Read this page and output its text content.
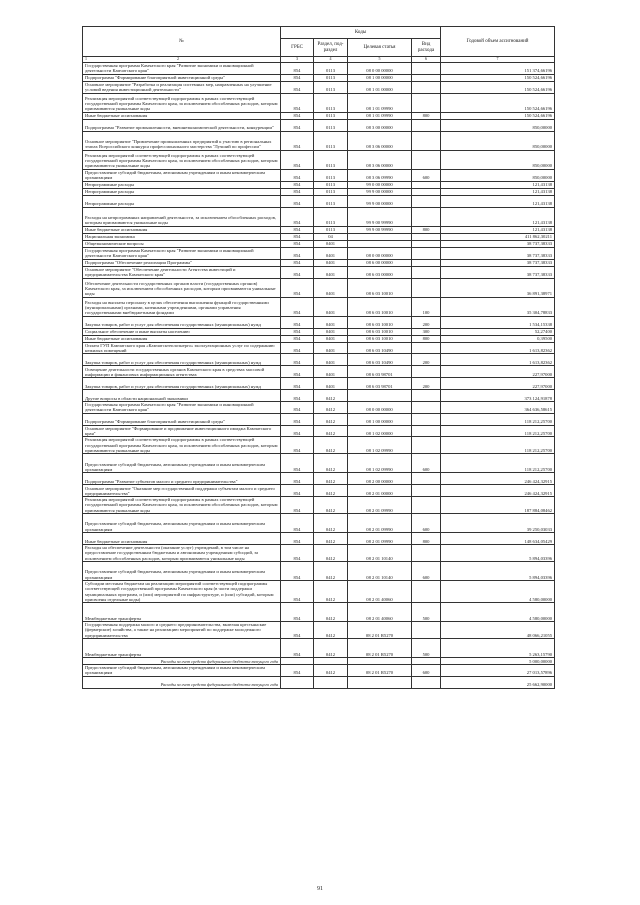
№	Коды				Годовой объем ассигнований
	ГРБС	Раздел, под-раздел	Целевая статья	Вид расхода	
1 2	3	4	5	6	7
Государственная программа Камчатского края "Развитие экономики и инновационной деятельности Камчатского края"	854	0113	08 0 00 00000		151 374,66196
Подпрограмма "Формирование благоприятной инвестиционной среды"	854	0113	08 1 00 00000		150 524,66196
Основное мероприятие "Разработка и реализация системных мер, направленных на улучшение условий ведения инвестиционной деятельности"	854	0113	08 1 01 00000		150 524,66196
Реализация мероприятий соответствующей подпрограммы в рамках соответствующей государственной программы Камчатского края, за исключением обособленных расходов, которым присваиваются уникальные коды	854	0113	08 1 01 09990		150 524,66196
Иные бюджетные ассигнования	854	0113	08 1 01 09990	800	150 524,66196
Подпрограмма "Развитие промышленности, внешнеэкономической деятельности, конкуренции"	854	0113	08 3 00 00000		850,00000
Основное мероприятие "Привлечение промышленных предприятий к участию в региональных этапах Всероссийского конкурса профессионального мастерства "Лучший по профессии"	854	0113	08 3 06 00000		850,00000
Реализация мероприятий соответствующей подпрограммы в рамках соответствующей государственной программы Камчатского края, за исключением обособленных расходов, которым присваиваются уникальные коды	854	0113	08 3 06 00000		850,00000
Предоставление субсидий бюджетным, автономным учреждениям и иным некоммерческим организациям	854	0113	08 3 06 09990	600	850,00000
Непрограммные расходы	854	0113	99 0 00 00000		121,43138
Непрограммные расходы	854	0113	99 9 00 00000		121,43138
Непрограммные расходы	854	0113	99 9 00 00000		121,43138
Расходы на непрограммных направлений деятельности, за исключением обособленных расходов, которым присваиваются уникальные коды	854	0113	99 9 00 99990		121,43138
Иные бюджетные ассигнования	854	0113	99 9 00 99990	800	121,43138
Национальная экономика	854	04			411 862,30211
Общеэкономические вопросы	854	0401			38 737,38333
Государственная программа Камчатского края "Развитие экономики и инновационной деятельности Камчатского края"	854	0401	08 0 00 00000		38 737,38333
Подпрограмма "Обеспечение реализации Программы"	854	0401	08 6 00 00000		38 737,38333
Основное мероприятие "Обеспечение деятельности Агентства инвестиций и предпринимательства Камчатского края"	854	0401	08 6 03 00000		38 737,38333
Обеспечение деятельности государственных органов власти (государственных органов) Камчатского края, за исключением обособленных расходов, которым присваиваются уникальные коды	854	0401	08 6 03 10010		36 891,38971
Расходы на выплаты персоналу в целях обеспечения выполнения функций государственными (муниципальными) органами, казенными учреждениями, органами управления государственными внебюджетными фондами	854	0401	08 6 03 10010	100	35 304,78833
Закупка товаров, работ и услуг для обеспечения государственных (муниципальных) нужд	854	0401	08 6 03 10010	200	1 534,15338
Социальное обеспечение и иные выплаты населению	854	0401	08 6 03 10010	300	52,27400
Иные бюджетные ассигнования	854	0401	08 6 03 10010	800	0,39500
Оплата ГУП Камчатского края «Камчатсктеплоэнерго» эксплуатационных услуг по содержанию нежилых помещений	854	0401	08 6 03 10490		1 613,82362
Закупка товаров, работ и услуг для обеспечения государственных (муниципальных) нужд	854	0401	08 6 03 10490	200	1 613,82362
Освещение деятельности государственных органов Камчатского края в средствах массовой информации и финансовых информационных агентствах	854	0401	08 6 03 98701		227,97000
Закупка товаров, работ и услуг для обеспечения государственных (муниципальных) нужд	854	0401	08 6 03 98701	200	227,97000
Другие вопросы в области национальной экономики	854	0412			373 124,91878
Государственная программа Камчатского края "Развитие экономики и инновационной деятельности Камчатского края"	854	0412	08 0 00 00000		364 636,58615
Подпрограмма "Формирование благоприятной инвестиционной среды"	854	0412	08 1 00 00000		118 212,25700
Основное мероприятие "Формирование и продвижение инвестиционного имиджа Камчатского края"	854	0412	08 1 02 00000		118 212,25700
Реализация мероприятий соответствующей подпрограммы в рамках соответствующей государственной программы Камчатского края, за исключением обособленных расходов, которым присваиваются уникальные коды	854	0412	08 1 02 09990		118 212,25700
Предоставление субсидий бюджетным, автономным учреждениям и иным некоммерческим организациям	854	0412	08 1 02 09990	600	118 212,25700
Подпрограмма "Развитие субъектов малого и среднего предпринимательства"	854	0412	08 2 00 00000		246 424,32915
Основное мероприятие "Оказание мер государственной поддержки субъектам малого и среднего предпринимательства"	854	0412	08 2 01 00000		246 424,32915
Реализация мероприятий соответствующей подпрограммы в рамках соответствующей государственной программы Камчатского края, за исключением обособленных расходов, которым присваиваются уникальные коды	854	0412	08 2 01 09990		187 884,08462
Предоставление субсидий бюджетным, автономным учреждениям и иным некоммерческим организациям	854	0412	08 2 01 09990	600	39 250,03033
Иные бюджетные ассигнования	854	0412	08 2 01 09990	800	148 634,05429
Расходы на обеспечение деятельности (оказание услуг) учреждений, в том числе на предоставление государственным бюджетным и автономным учреждениям субсидий, за исключением обособленных расходов, которым присваиваются уникальные коды	854	0412	08 2 01 10140		5 894,03396
Предоставление субсидий бюджетным, автономным учреждениям и иным некоммерческим организациям	854	0412	08 2 01 10140	600	5 894,03396
Субсидии местным бюджетам на реализацию мероприятий соответствующей подпрограммы соответствующей государственной программы Камчатского края (в части поддержки муниципальных программ, и (или) мероприятий по инфраструктуре, и (или) субсидий, которым присвоены отдельные коды)	854	0412	08 2 01 40060		4 580,00000
Межбюджетные трансферты	854	0412	08 2 01 40060	500	4 580,00000
Государственная поддержка малого и среднего предпринимательства, включая крестьянские (фермерские) хозяйства, а также на реализацию мероприятий по поддержке молодежного предпринимательства	854	0412	08 2 01 R5270		48 066,21055
Межбюджетные трансферты	854	0412	08 2 01 R5270	500	5 263,15790
Расходы за счет средств федерального бюджета текущего года					5 000,00000
Предоставление субсидий бюджетным, автономным учреждениям и иным некоммерческим организациям	854	0412	08 2 01 R5270	600	27 013,57896
Расходы за счет средств федерального бюджета текущего года					25 662,90000
91
